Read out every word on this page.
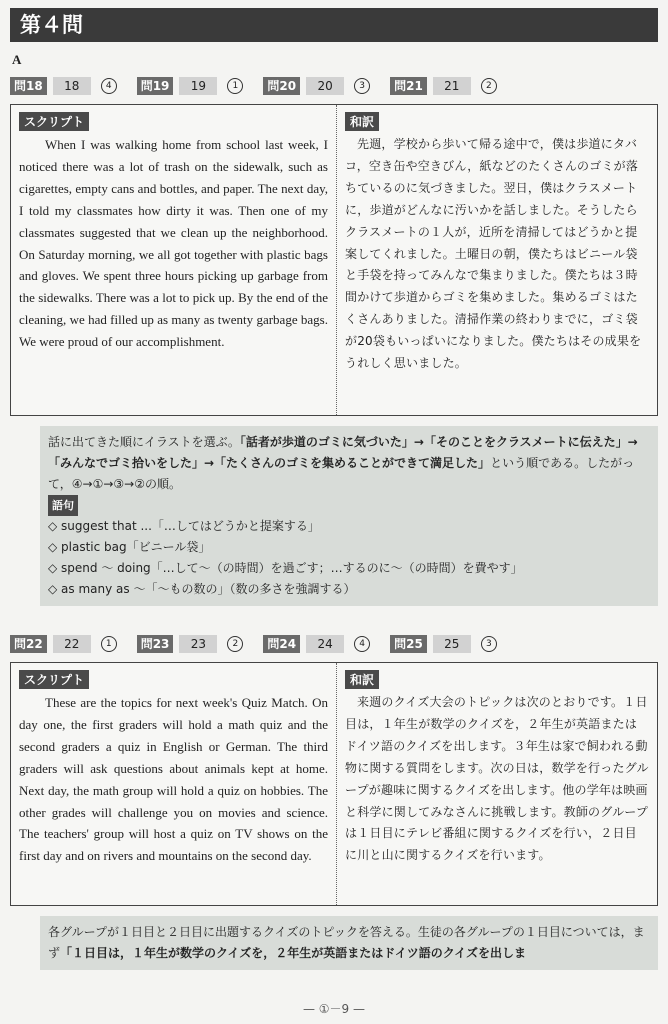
第４問
A
問18	18	4	問19	19	1	問20	20	3	問21	21	2
スクリプト

When I was walking home from school last week, I noticed there was a lot of trash on the sidewalk, such as cigarettes, empty cans and bottles, and paper. The next day, I told my classmates how dirty it was. Then one of my classmates suggested that we clean up the neighborhood. On Saturday morning, we all got together with plastic bags and gloves. We spent three hours picking up garbage from the sidewalks. There was a lot to pick up. By the end of the cleaning, we had filled up as many as twenty garbage bags. We were proud of our accomplishment.

和訳

先週，学校から歩いて帰る途中で，僕は歩道にタバコ，空き缶や空きびん，紙などのたくさんのゴミが落ちているのに気づきました。翌日，僕はクラスメートに，歩道がどんなに汚いかを話しました。そうしたらクラスメートの１人が，近所を清掃してはどうかと提案してくれました。土曜日の朝，僕たちはビニール袋と手袋を持ってみんなで集まりました。僕たちは３時間かけて歩道からゴミを集めました。集めるゴミはたくさんありました。清掃作業の終わりまでに，ゴミ袋が20袋もいっぱいになりました。僕たちはその成果をうれしく思いました。

話に出てきた順にイラストを選ぶ。「話者が歩道のゴミに気づいた」→「そのことをクラスメートに伝えた」→「みんなでゴミ拾いをした」→「たくさんのゴミを集めることができて満足した」という順である。したがって，④→①→③→②の順。
語句
◇ suggest that ...「…してはどうかと提案する」
◇ plastic bag「ビニール袋」
◇ spend ～ doing「…して～（の時間）を過ごす；…するのに～（の時間）を費やす」
◇ as many as ～「～もの数の」（数の多さを強調する）
問22	22	1	問23	23	2	問24	24	4	問25	25	3
スクリプト

These are the topics for next week's Quiz Match. On day one, the first graders will hold a math quiz and the second graders a quiz in English or German. The third graders will ask questions about animals kept at home. Next day, the math group will hold a quiz on hobbies. The other grades will challenge you on movies and science. The teachers' group will host a quiz on TV shows on the first day and on rivers and mountains on the second day.

和訳

来週のクイズ大会のトピックは次のとおりです。１日目は，１年生が数学のクイズを，２年生が英語またはドイツ語のクイズを出します。３年生は家で飼われる動物に関する質問をします。次の日は，数学を行ったグループが趣味に関するクイズを出します。他の学年は映画と科学に関してみなさんに挑戦します。教師のグループは１日目にテレビ番組に関するクイズを行い，２日目に川と山に関するクイズを行います。

各グループが１日目と２日目に出題するクイズのトピックを答える。生徒の各グループの１日目については，まず「１日目は，１年生が数学のクイズを，２年生が英語またはドイツ語のクイズを出しま
— ①－9 —
